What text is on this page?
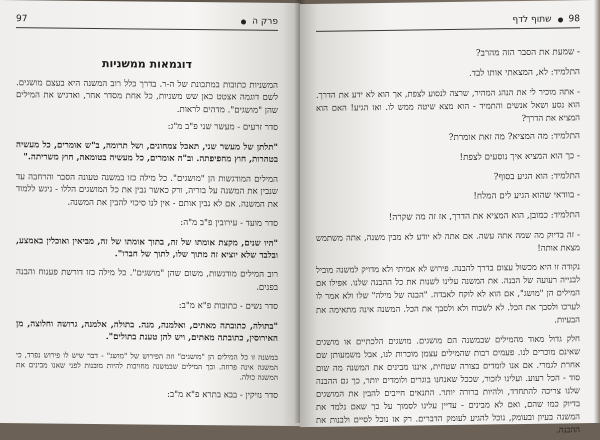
פרק ה
97
דוגמאות ממשניות

המשניות כתובות במתכונת של ה-ר. בדרך כלל רוב המשנה היא בעצם מושגים. לשם דוגמה אצטט כאן שש משניות, כל אחת מסדר אחר, ואדגיש את המילים שהן "מושגים". מדהים לראות.

סדר זרעים - מעשר שני פ"ב מ"ג:

"תלתן של מעשר שני, תאכל צמחונים, ושל תרומה, ב"ש אומרים, כל מעשיה בטהרות, חוץ מחפיפתה. וב"ה אומרים, כל מעשיה בטומאה, חוץ משריתה."

המילים המודגשות הן "מושגים". כל מילה כזו במשנה טעונה הסבר והרחבה עד שנבין את המשנה על בוריה, ורק כאשר נבין את כל המושגים הללו - ניגש ללמוד את המשנה. אם לא נבין אותם - אין לנו סיכוי להבין את המשנה.

סדר מועד - עירובין פ"ב מ"ה:

"היו שנים, מקצת אומתו של זה, בתוך אומתו של זה, מביאין ואוכלין באמצע, ובלבד שלא יוציא זה מתוך שלו, לתוך של חברו".

רוב המילים מודגשות, משום שהן "מושגים". כל מילה כזו דורשת פענוח והבנה בפנים.

סדר נשים - כתובות פ"א מ"ב:

"בתולה, כתובתה מאתים, ואלמנה, מנה. בתולה, אלמנה, גרושה וחלוצה, מן האירוסין, כתובתה מאתים, ויש להן טענת בתולים".

במשנה זו כל המילים הן "מושגים" וזה הפירוש של "מושג" - דבר שיש לו פירוש נפרד, כי המשנה אינה פרוזה. וכך המילים שבמשנה מחויבות להיות מובנות לפני שאנו מבינים את המשנה כולה.

סדר נזיקין - בבא בתרא פ"א מ"ב:

98
שתוף לדף

- שמעת את הסבר הזה מהרב?

התלמיד: לא, המצאתי אותו לבד.

- אתה מוכיר לי את הנהג המהיר, שרצה לנסוע לצפת, אך הוא לא ידע את הדרך. הוא נסע ושאל אנשים והתמיד - הוא מצא שיטה ממש לו. ואז הגיע! האם הוא המציא את הדרך?

התלמיד: מה המציא? מה זאת אומרת?

- כך הוא המציא איך נוסעים לצפת!

התלמיד: הוא הגיע בסוף?

- בוודאי שהוא הגיע לים המלח!

התלמיד: כמובן, הוא המציא את הדרך, אז זה מה שקרה!

- זה בדיוק מה שמה אתה עשה. אם אתה לא יודע לא מבין משנה, אתה משתמש מצאת אותה!

נקודה זו היא מכשול עצום בדרך להבנה. פירוש לא אמיתי ולא מדויק למשנה מוביל לבנייה רעועה של הבנה. את המשנה עלינו לשנות את כל ההבנה שלנו. אפילו אם המילים הן "מושג", אם הוא לא לוקח לאבדה. "הבנה של מילה" שלו ולא אמר לו לערכו ולסבך את הכל. לא לשכוח ולא ולסבך את הכל. המשנה אינה מתאימה את הבעיות.

חלק גדול מאוד מהמילים שבמשנה הם מושגים. מושגים הלכתיים או מושגים שאינם מוכרים לנו. פעמים רבות שהמילים עצמן מוכרות לנו, אבל משמעותן שם אחרת לגמרי. אם אנו לומדים בצורה שטחית, איננו מבינים את המשנה מה שום סוד - הכל רעוע. ועלינו לזכור, שככל שאנחנו בוגרים ולומדים יותר, כך גם ההבנה שלנו צריכה להתחדד, ולהיות ברורה יותר. התנאים חייבים להבין את המושגים בדיוק כמו שהם, ואם לא מבינים - עדיין עלינו לסמוך על כך שאם נלמד את המשנה בעיון ובעומק, נוכל להגיע לעומק הדברים. רק אז נוכל לסיים ולבנות את ההבנה.
